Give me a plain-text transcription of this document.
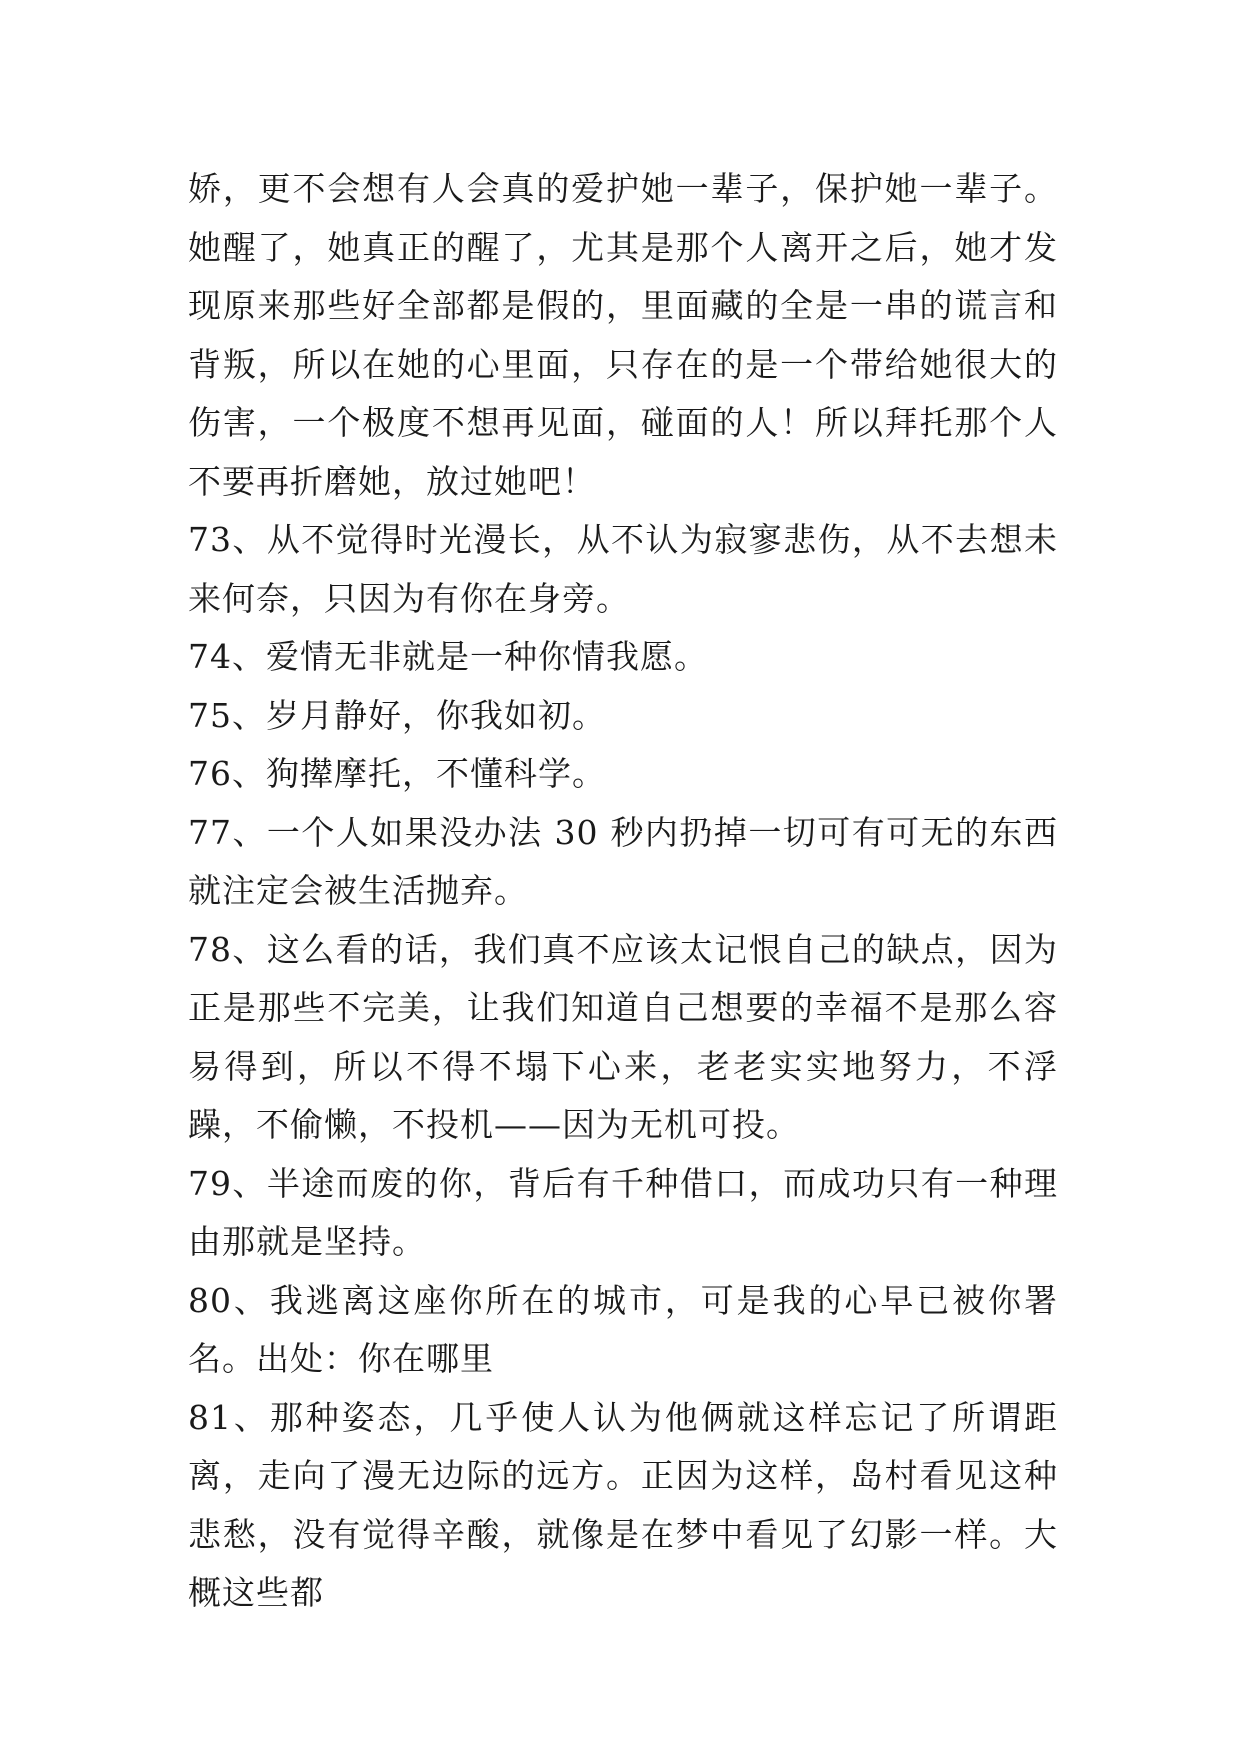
娇，更不会想有人会真的爱护她一辈子，保护她一辈子。她醒了，她真正的醒了，尤其是那个人离开之后，她才发现原来那些好全部都是假的，里面藏的全是一串的谎言和背叛，所以在她的心里面，只存在的是一个带给她很大的伤害，一个极度不想再见面，碰面的人！所以拜托那个人不要再折磨她，放过她吧！

73、从不觉得时光漫长，从不认为寂寥悲伤，从不去想未来何奈，只因为有你在身旁。

74、爱情无非就是一种你情我愿。

75、岁月静好，你我如初。

76、狗撵摩托，不懂科学。

77、一个人如果没办法 30 秒内扔掉一切可有可无的东西就注定会被生活抛弃。

78、这么看的话，我们真不应该太记恨自己的缺点，因为正是那些不完美，让我们知道自己想要的幸福不是那么容易得到，所以不得不塌下心来，老老实实地努力，不浮躁，不偷懒，不投机——因为无机可投。

79、半途而废的你，背后有千种借口，而成功只有一种理由那就是坚持。

80、我逃离这座你所在的城市，可是我的心早已被你署名。出处：你在哪里

81、那种姿态，几乎使人认为他俩就这样忘记了所谓距离，走向了漫无边际的远方。正因为这样，岛村看见这种悲愁，没有觉得辛酸，就像是在梦中看见了幻影一样。大概这些都
